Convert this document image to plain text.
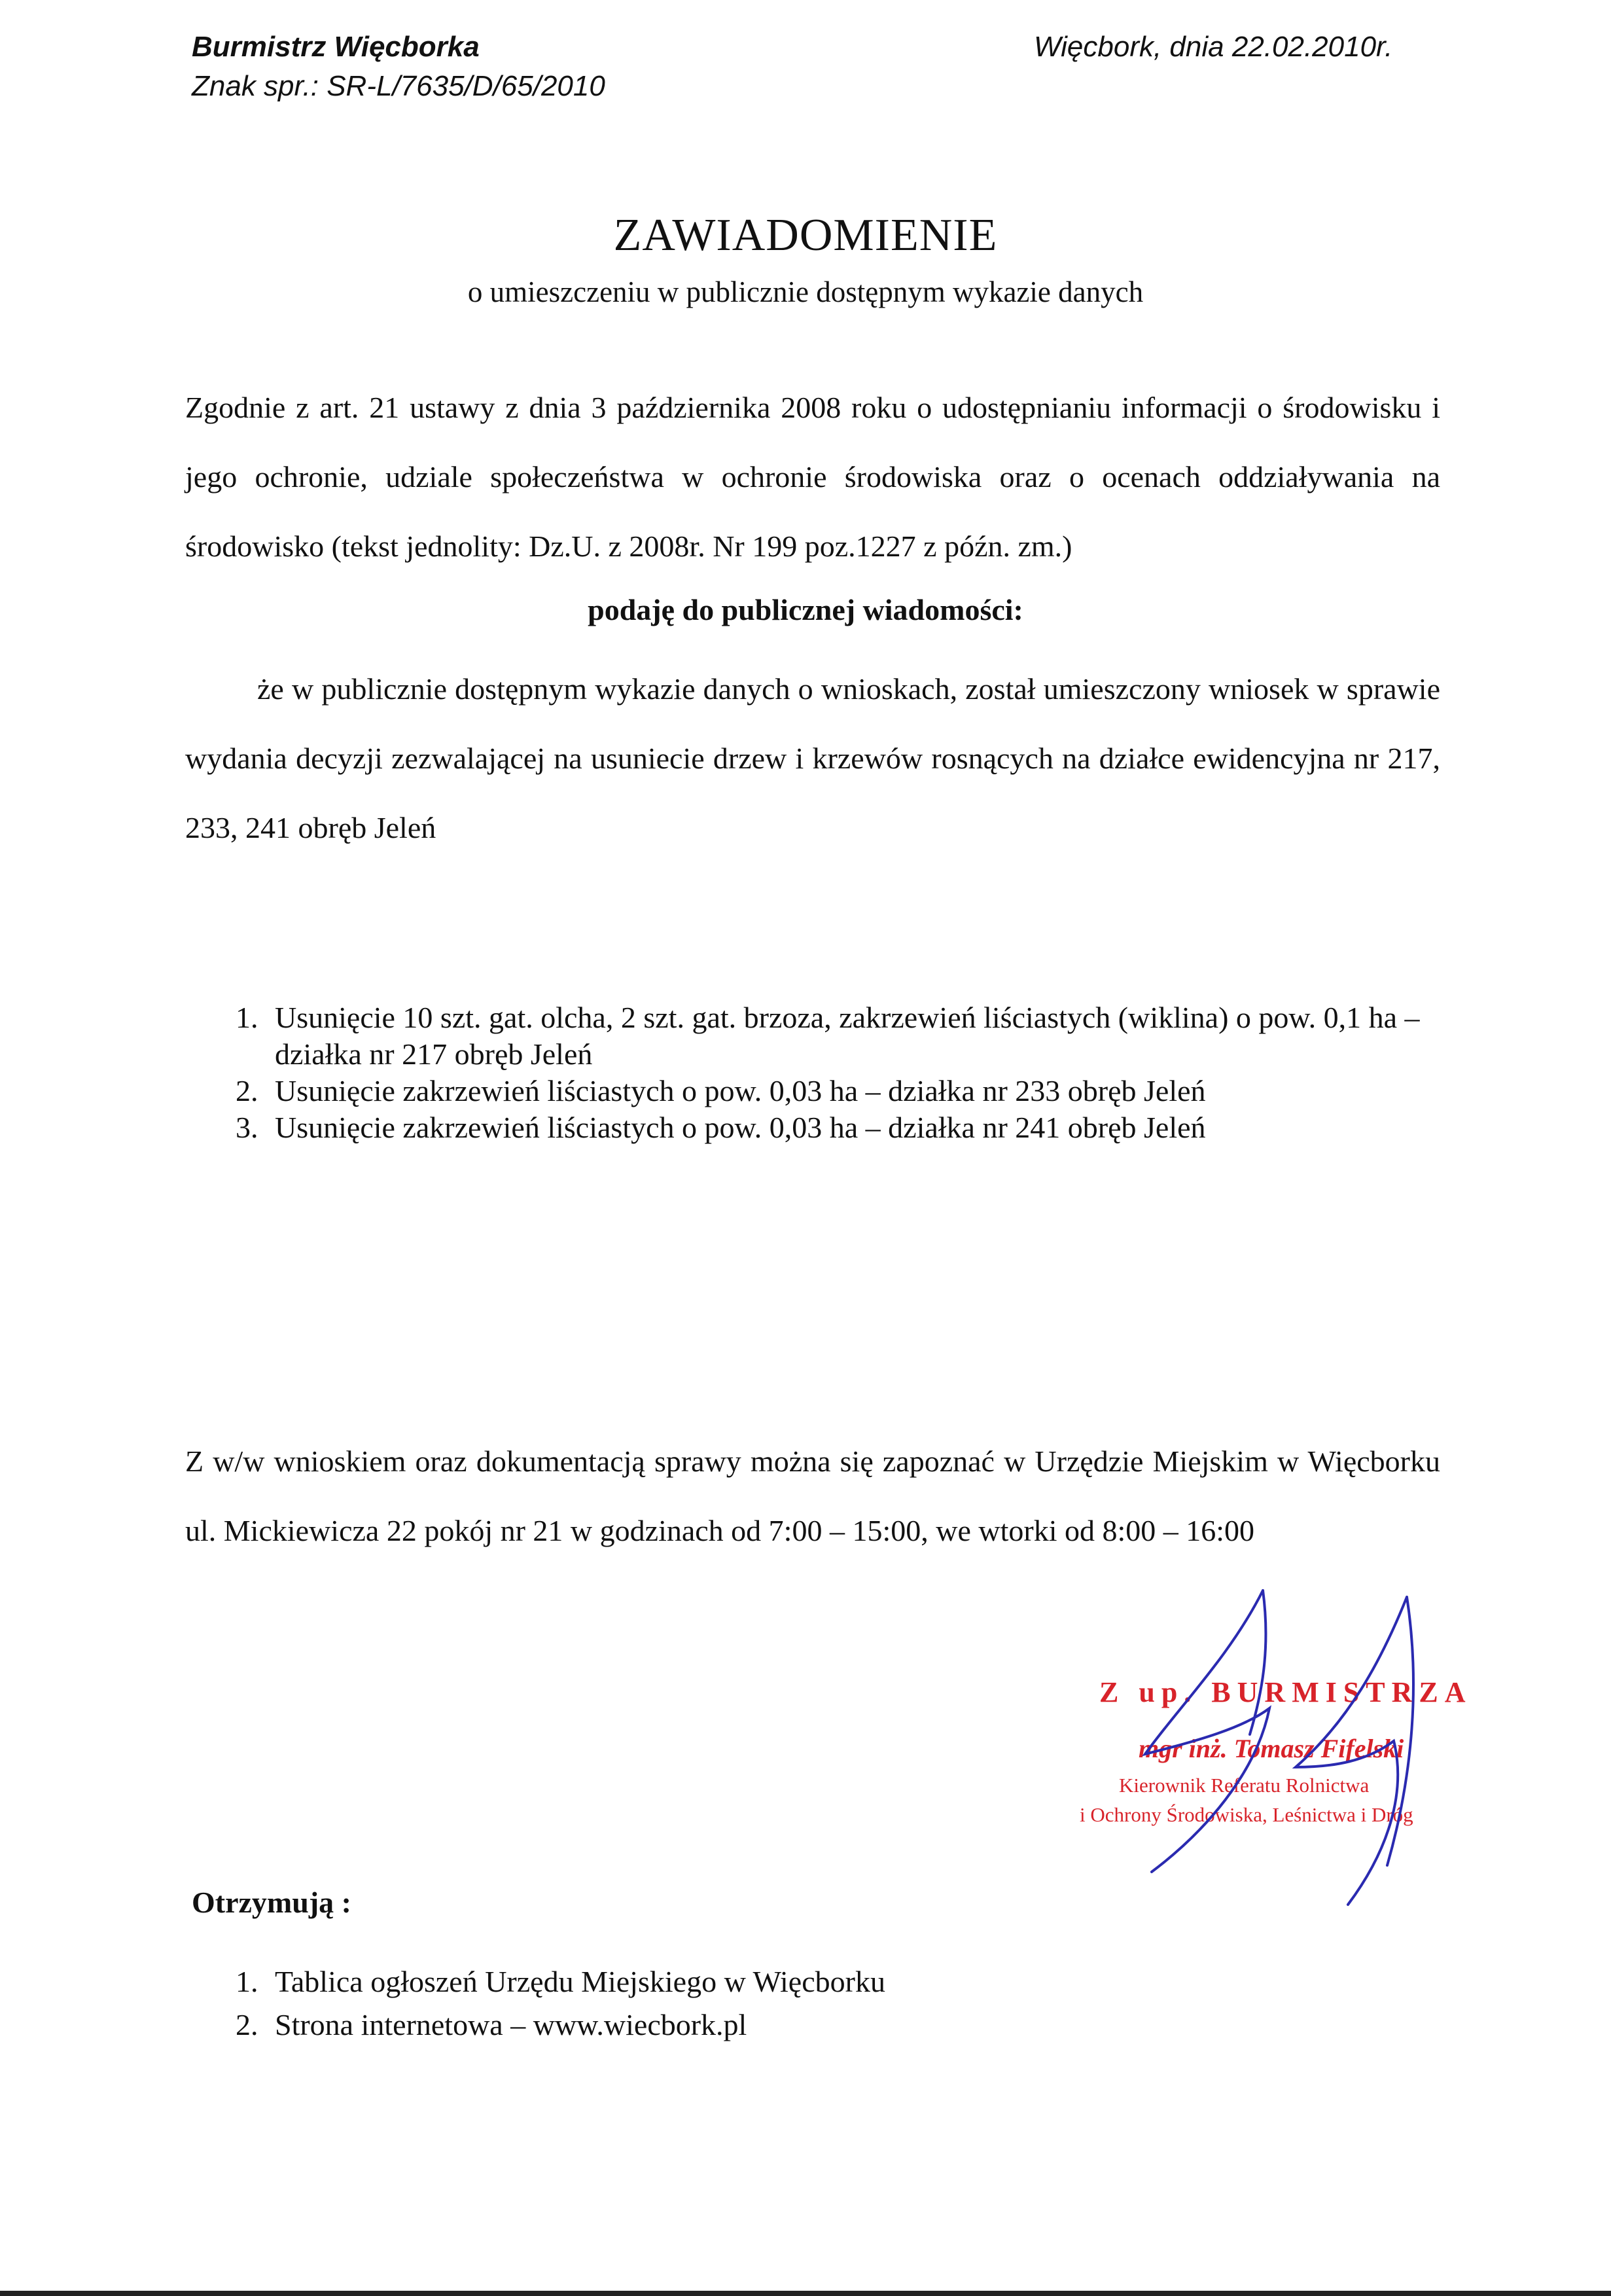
Burmistrz Więcborka
Znak spr.: SR-L/7635/D/65/2010
Więcbork, dnia 22.02.2010r.
ZAWIADOMIENIE
o umieszczeniu w publicznie dostępnym wykazie danych
Zgodnie z art. 21 ustawy z dnia 3 października 2008 roku o udostępnianiu informacji o środowisku i jego ochronie, udziale społeczeństwa w ochronie środowiska oraz o ocenach oddziaływania na środowisko (tekst jednolity: Dz.U. z 2008r. Nr 199 poz.1227 z późn. zm.)
podaję do publicznej wiadomości:
że w publicznie dostępnym wykazie danych o wnioskach, został umieszczony wniosek w sprawie wydania decyzji zezwalającej na usuniecie drzew i krzewów rosnących na działce ewidencyjna nr 217, 233, 241 obręb Jeleń
1. Usunięcie 10 szt. gat. olcha, 2 szt. gat. brzoza, zakrzewień liściastych (wiklina) o pow. 0,1 ha – działka nr 217 obręb Jeleń
2. Usunięcie zakrzewień liściastych o pow. 0,03 ha – działka nr 233 obręb Jeleń
3. Usunięcie zakrzewień liściastych o pow. 0,03 ha – działka nr 241 obręb Jeleń
Z w/w wnioskiem oraz dokumentacją sprawy można się zapoznać w Urzędzie Miejskim w Więcborku ul. Mickiewicza 22 pokój nr 21 w godzinach od 7:00 – 15:00, we wtorki od 8:00 – 16:00
Z up. BURMISTRZA
mgr inż. Tomasz Fifelski
Kierownik Referatu Rolnictwa
i Ochrony Środowiska, Leśnictwa i Dróg
Otrzymują :
1. Tablica ogłoszeń Urzędu Miejskiego w Więcborku
2. Strona internetowa – www.wiecbork.pl
